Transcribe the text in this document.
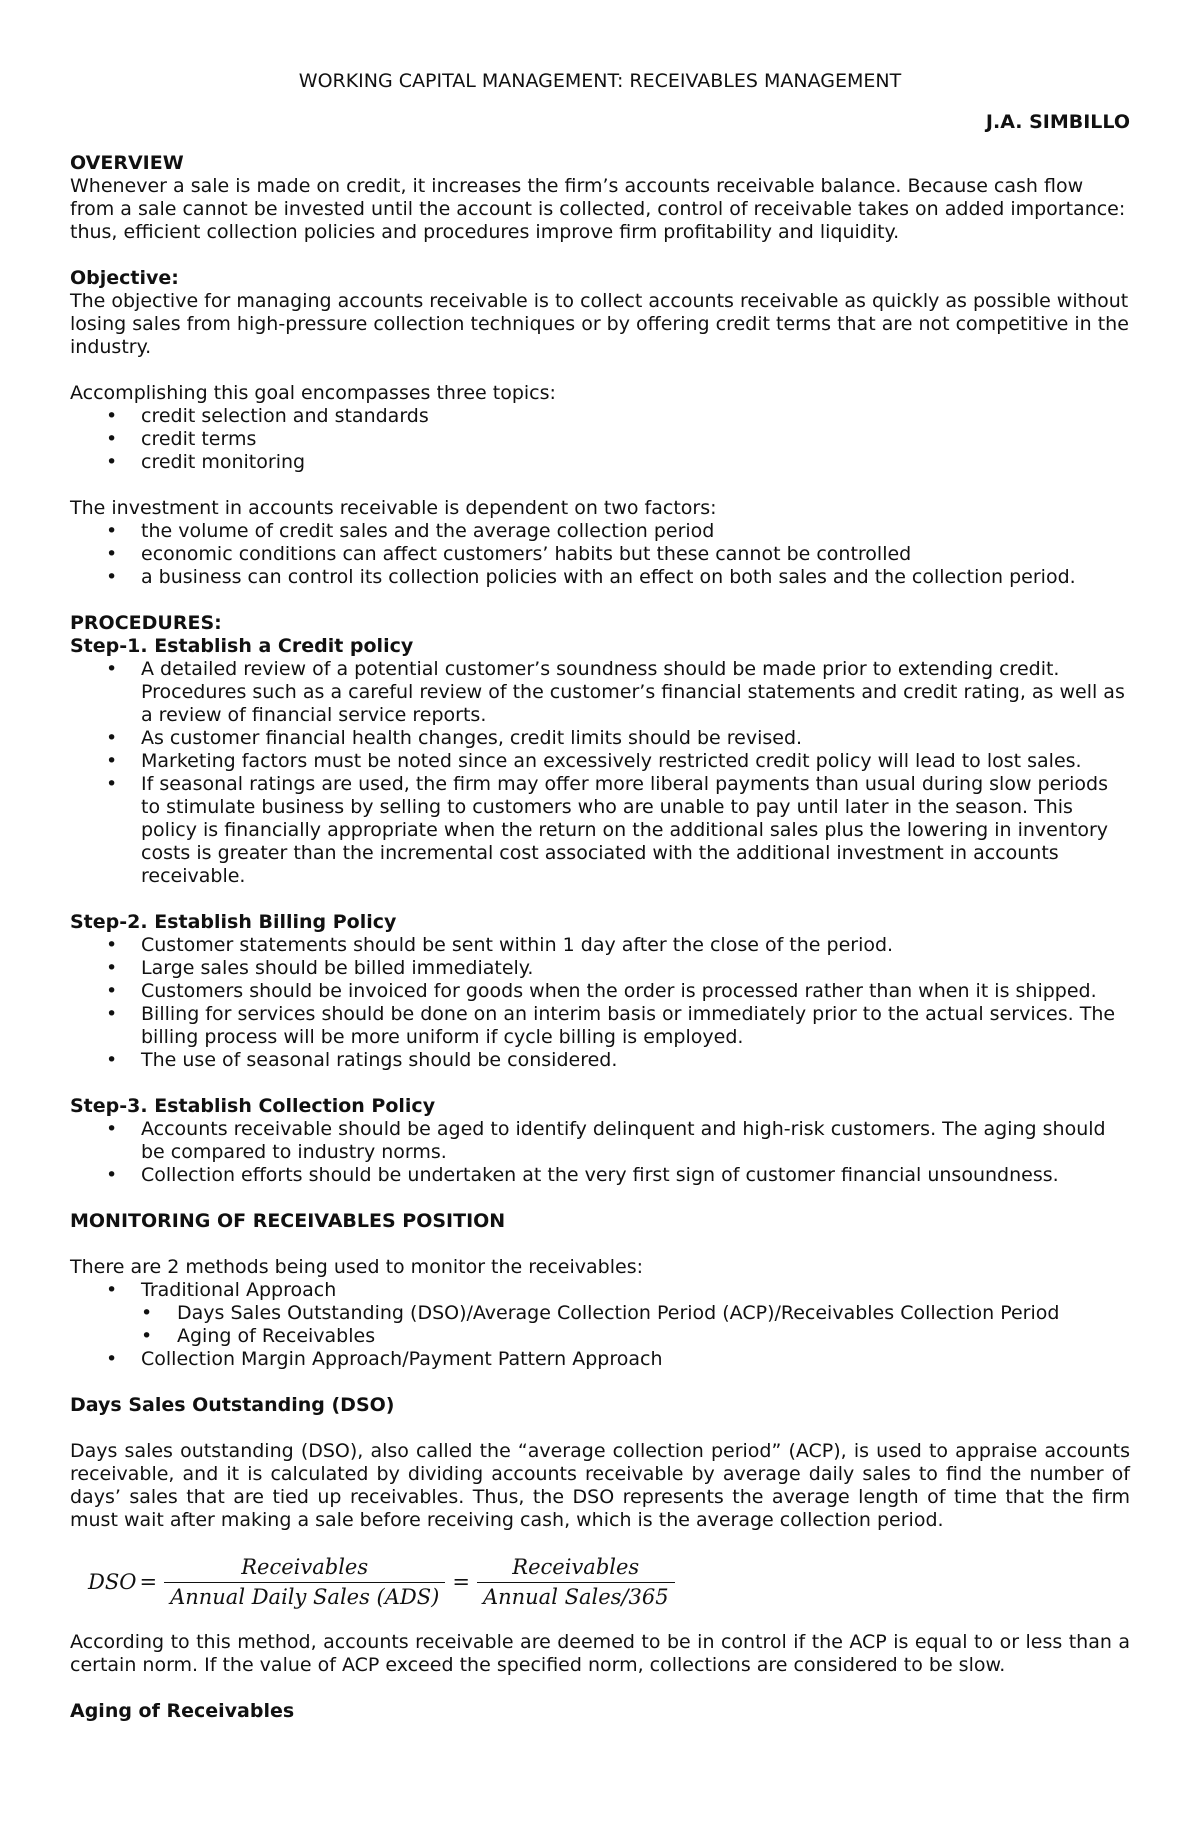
WORKING CAPITAL MANAGEMENT: RECEIVABLES MANAGEMENT

J.A. SIMBILLO

OVERVIEW

Whenever a sale is made on credit, it increases the firm’s accounts receivable balance. Because cash flow from a sale cannot be invested until the account is collected, control of receivable takes on added importance: thus, efficient collection policies and procedures improve firm profitability and liquidity.

Objective:

The objective for managing accounts receivable is to collect accounts receivable as quickly as possible without losing sales from high-pressure collection techniques or by offering credit terms that are not competitive in the industry.

Accomplishing this goal encompasses three topics:

• credit selection and standards
• credit terms
• credit monitoring

The investment in accounts receivable is dependent on two factors:

• the volume of credit sales and the average collection period
• economic conditions can affect customers’ habits but these cannot be controlled
• a business can control its collection policies with an effect on both sales and the collection period.

PROCEDURES:

Step-1. Establish a Credit policy

• A detailed review of a potential customer’s soundness should be made prior to extending credit. Procedures such as a careful review of the customer’s financial statements and credit rating, as well as a review of financial service reports.
• As customer financial health changes, credit limits should be revised.
• Marketing factors must be noted since an excessively restricted credit policy will lead to lost sales.
• If seasonal ratings are used, the firm may offer more liberal payments than usual during slow periods to stimulate business by selling to customers who are unable to pay until later in the season. This policy is financially appropriate when the return on the additional sales plus the lowering in inventory costs is greater than the incremental cost associated with the additional investment in accounts receivable.

Step-2. Establish Billing Policy

• Customer statements should be sent within 1 day after the close of the period.
• Large sales should be billed immediately.
• Customers should be invoiced for goods when the order is processed rather than when it is shipped.
• Billing for services should be done on an interim basis or immediately prior to the actual services. The billing process will be more uniform if cycle billing is employed.
• The use of seasonal ratings should be considered.

Step-3. Establish Collection Policy

• Accounts receivable should be aged to identify delinquent and high-risk customers. The aging should be compared to industry norms.
• Collection efforts should be undertaken at the very first sign of customer financial unsoundness.

MONITORING OF RECEIVABLES POSITION

There are 2 methods being used to monitor the receivables:

• Traditional Approach
• Days Sales Outstanding (DSO)/Average Collection Period (ACP)/Receivables Collection Period
• Aging of Receivables
• Collection Margin Approach/Payment Pattern Approach

Days Sales Outstanding (DSO)

Days sales outstanding (DSO), also called the “average collection period” (ACP), is used to appraise accounts receivable, and it is calculated by dividing accounts receivable by average daily sales to find the number of days’ sales that are tied up receivables. Thus, the DSO represents the average length of time that the firm must wait after making a sale before receiving cash, which is the average collection period.

DSO = $\frac{\text{Receivables}}{\text{Annual Daily Sales (ADS)}} = \frac{\text{Receivables}}{\text{Annual Sales/365}}$

According to this method, accounts receivable are deemed to be in control if the ACP is equal to or less than a certain norm. If the value of ACP exceed the specified norm, collections are considered to be slow.

Aging of Receivables
